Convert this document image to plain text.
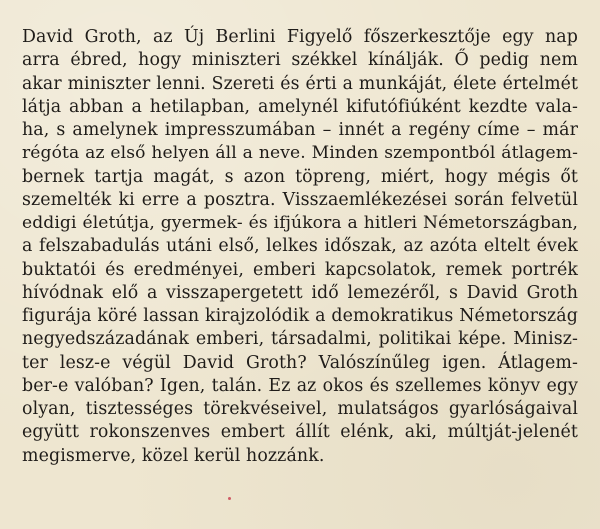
David Groth, az Új Berlini Figyelő főszerkesztője egy nap
arra ébred, hogy miniszteri székkel kínálják. Ő pedig nem
akar miniszter lenni. Szereti és érti a munkáját, élete értelmét
látja abban a hetilapban, amelynél kifutófiúként kezdte vala-
ha, s amelynek impresszumában – innét a regény címe – már
régóta az első helyen áll a neve. Minden szempontból átlagem-
bernek tartja magát, s azon töpreng, miért, hogy mégis őt
szemelték ki erre a posztra. Visszaemlékezései során felvetül
eddigi életútja, gyermek- és ifjúkora a hitleri Németországban,
a felszabadulás utáni első, lelkes időszak, az azóta eltelt évek
buktatói és eredményei, emberi kapcsolatok, remek portrék
hívódnak elő a visszapergetett idő lemezéről, s David Groth
figurája köré lassan kirajzolódik a demokratikus Németország
negyedszázadának emberi, társadalmi, politikai képe. Minisz-
ter lesz-e végül David Groth? Valószínűleg igen. Átlagem-
ber-e valóban? Igen, talán. Ez az okos és szellemes könyv egy
olyan, tisztességes törekvéseivel, mulatságos gyarlóságaival
együtt rokonszenves embert állít elénk, aki, múltját-jelenét
megismerve, közel kerül hozzánk.
